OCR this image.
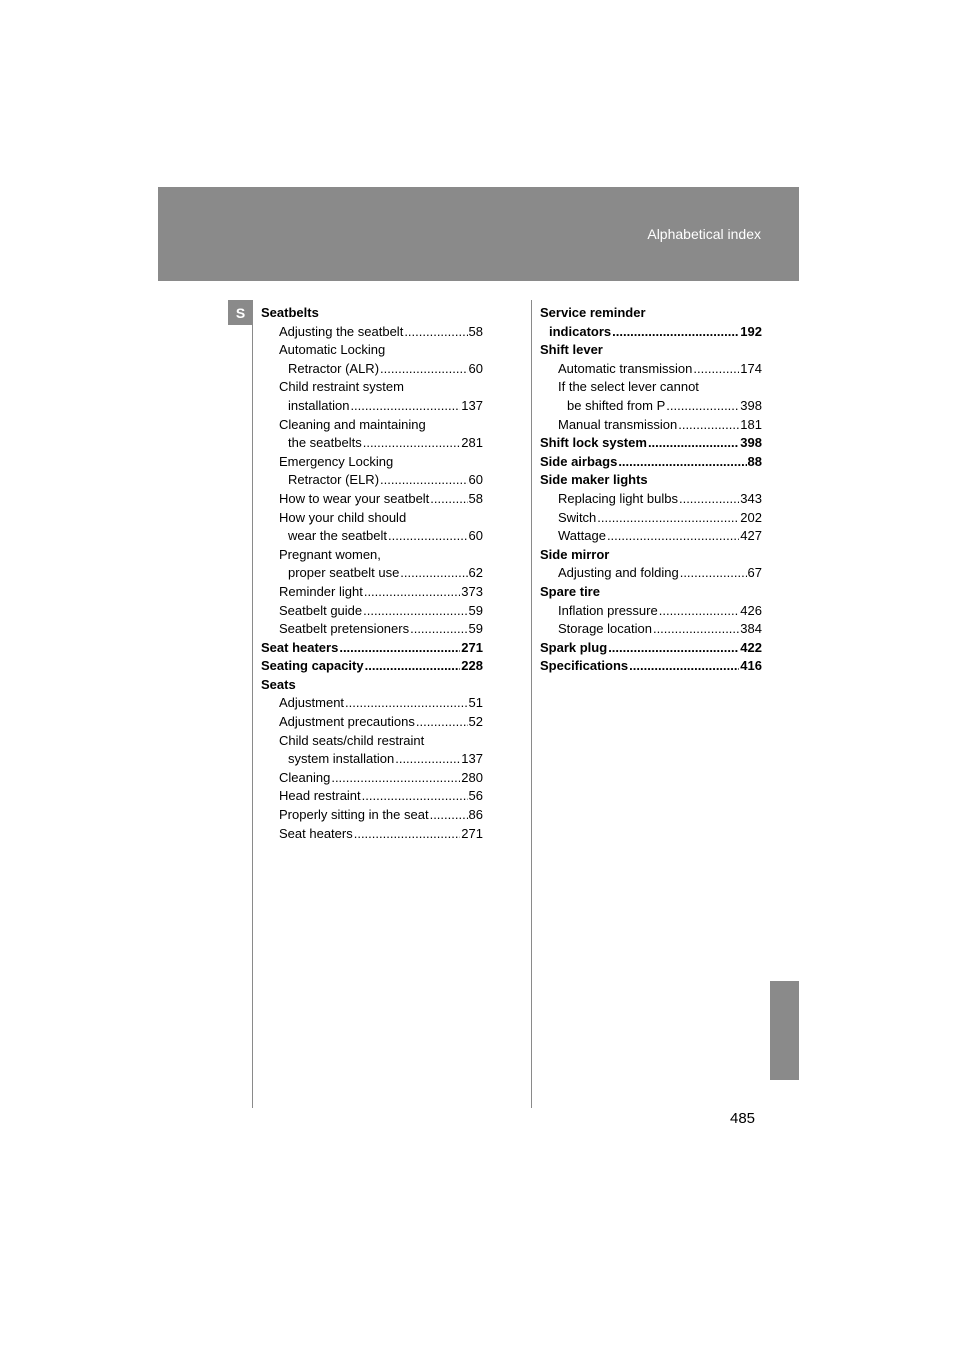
Alphabetical index
S	Seatbelts
Adjusting the seatbelt .....	58
Automatic Locking
Retractor (ALR) .....	60
Child restraint system
installation .....	137
Cleaning and maintaining
the seatbelts .....	281
Emergency Locking
Retractor (ELR) .....	60
How to wear your seatbelt .....	58
How your child should
wear the seatbelt .....	60
Pregnant women,
proper seatbelt use .....	62
Reminder light .....	373
Seatbelt guide .....	59
Seatbelt pretensioners .....	59
Seat heaters .....	271
Seating capacity .....	228
Seats
Adjustment .....	51
Adjustment precautions .....	52
Child seats/child restraint
system installation .....	137
Cleaning .....	280
Head restraint .....	56
Properly sitting in the seat .....	86
Seat heaters .....	271
Service reminder
indicators .....	192
Shift lever
Automatic transmission .....	174
If the select lever cannot
be shifted from P .....	398
Manual transmission .....	181
Shift lock system .....	398
Side airbags .....	88
Side maker lights
Replacing light bulbs .....	343
Switch .....	202
Wattage .....	427
Side mirror
Adjusting and folding .....	67
Spare tire
Inflation pressure .....	426
Storage location .....	384
Spark plug .....	422
Specifications .....	416
485
